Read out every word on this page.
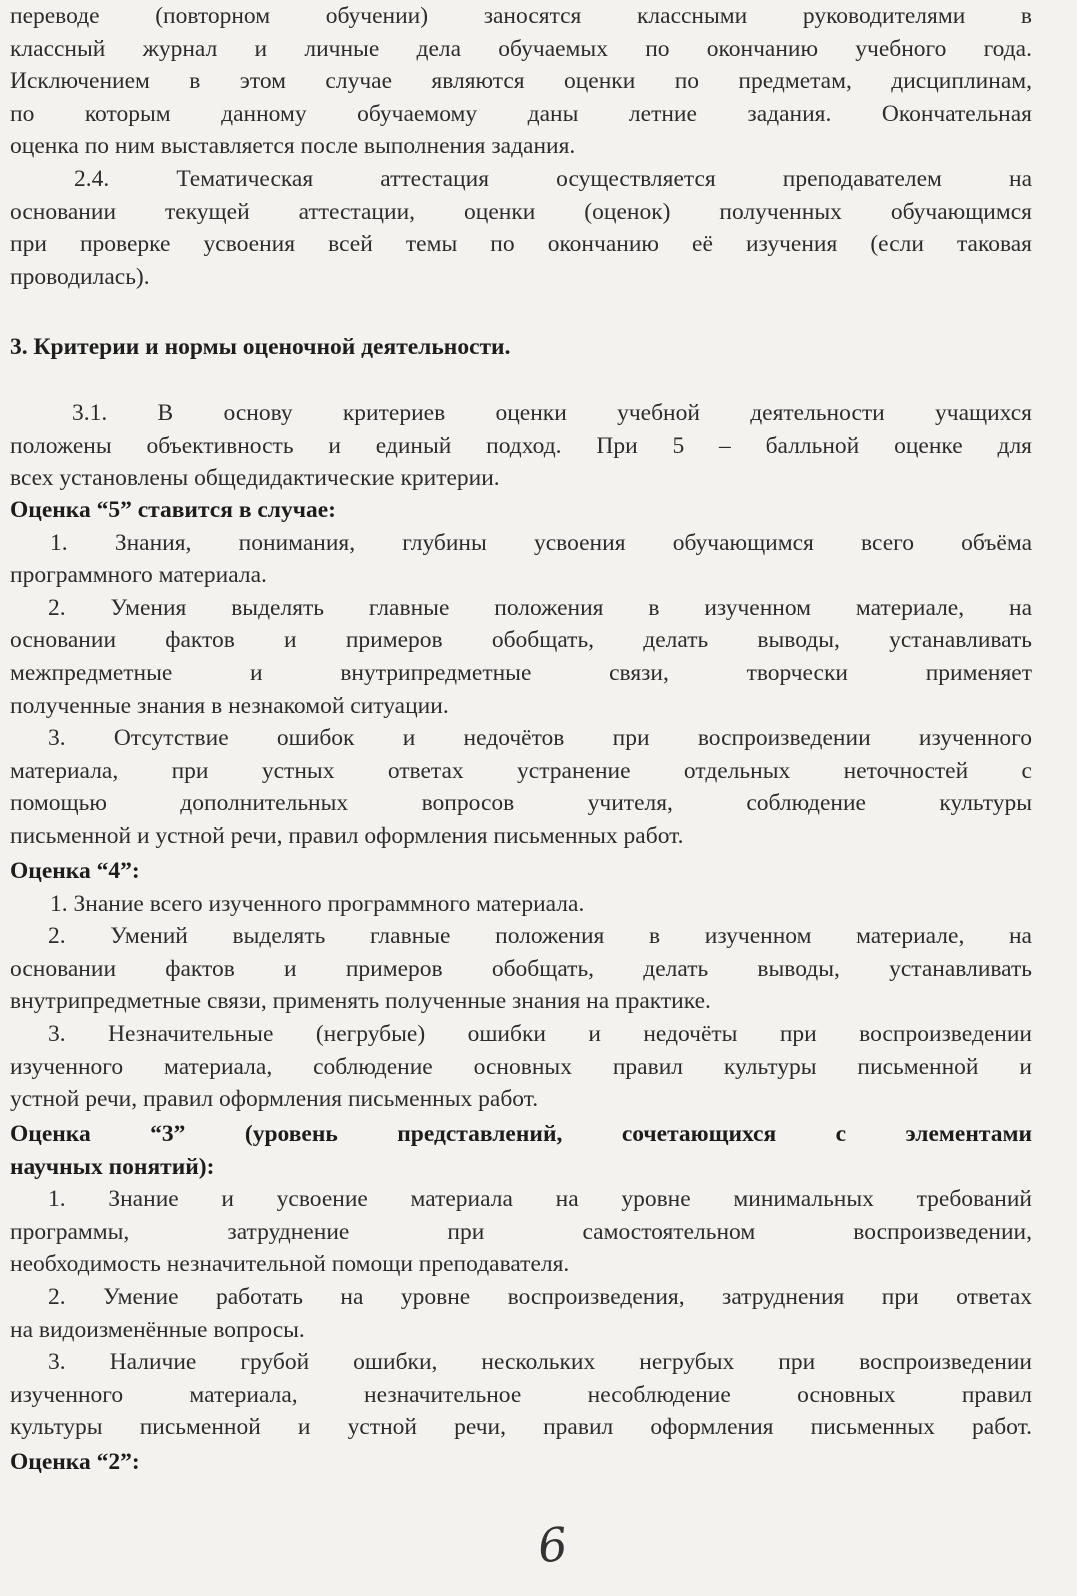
переводе (повторном обучении) заносятся классными руководителями в
классный журнал и личные дела обучаемых по окончанию учебного года.
Исключением в этом случае являются оценки по предметам, дисциплинам,
по которым данному обучаемому даны летние задания. Окончательная
оценка по ним выставляется после выполнения задания.
2.4. Тематическая аттестация осуществляется преподавателем на
основании текущей аттестации, оценки (оценок) полученных обучающимся
при проверке усвоения всей темы по окончанию её изучения (если таковая
проводилась).
3. Критерии и нормы оценочной деятельности.
3.1. В основу критериев оценки учебной деятельности учащихся
положены объективность и единый подход. При 5 – балльной оценке для
всех установлены общедидактические критерии.
Оценка “5” ставится в случае:
1. Знания, понимания, глубины усвоения обучающимся всего объёма
программного материала.
2. Умения выделять главные положения в изученном материале, на
основании фактов и примеров обобщать, делать выводы, устанавливать
межпредметные и внутрипредметные связи, творчески применяет
полученные знания в незнакомой ситуации.
3. Отсутствие ошибок и недочётов при воспроизведении изученного
материала, при устных ответах устранение отдельных неточностей с
помощью дополнительных вопросов учителя, соблюдение культуры
письменной и устной речи, правил оформления письменных работ.
Оценка “4”:
1. Знание всего изученного программного материала.
2. Умений выделять главные положения в изученном материале, на
основании фактов и примеров обобщать, делать выводы, устанавливать
внутрипредметные связи, применять полученные знания на практике.
3. Незначительные (негрубые) ошибки и недочёты при воспроизведении
изученного материала, соблюдение основных правил культуры письменной и
устной речи, правил оформления письменных работ.
Оценка “3” (уровень представлений, сочетающихся с элементами
научных понятий):
1. Знание и усвоение материала на уровне минимальных требований
программы, затруднение при самостоятельном воспроизведении,
необходимость незначительной помощи преподавателя.
2. Умение работать на уровне воспроизведения, затруднения при ответах
на видоизменённые вопросы.
3. Наличие грубой ошибки, нескольких негрубых при воспроизведении
изученного материала, незначительное несоблюдение основных правил
культуры письменной и устной речи, правил оформления письменных работ.
Оценка “2”:
6
